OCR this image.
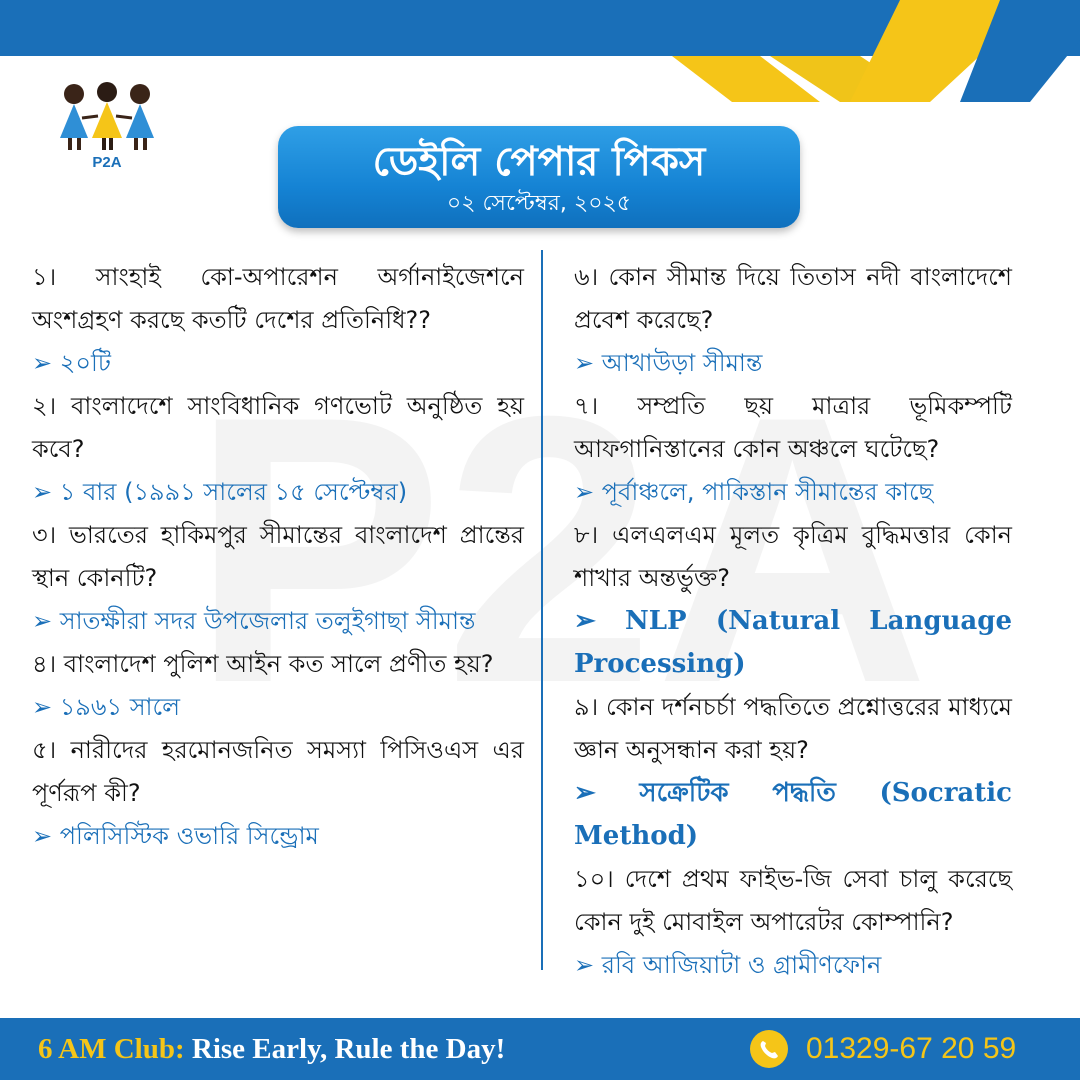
P2A	ডেইলি পেপার পিকস
০২ সেপ্টেম্বর, ২০২৫

১। সাংহাই কো-অপারেশন অর্গানাইজেশনে অংশগ্রহণ করছে কতটি দেশের প্রতিনিধি??

➢ ২০টি

২। বাংলাদেশে সাংবিধানিক গণভোট অনুষ্ঠিত হয় কবে?

➢ ১ বার (১৯৯১ সালের ১৫ সেপ্টেম্বর)

৩। ভারতের হাকিমপুর সীমান্তের বাংলাদেশ প্রান্তের স্থান কোনটি?

➢ সাতক্ষীরা সদর উপজেলার তলুইগাছা সীমান্ত

৪। বাংলাদেশ পুলিশ আইন কত সালে প্রণীত হয়?

➢ ১৯৬১ সালে

৫। নারীদের হরমোনজনিত সমস্যা পিসিওএস এর পূর্ণরূপ কী?

➢ পলিসিস্টিক ওভারি সিন্ড্রোম

৬। কোন সীমান্ত দিয়ে তিতাস নদী বাংলাদেশে প্রবেশ করেছে?

➢ আখাউড়া সীমান্ত

৭। সম্প্রতি ছয় মাত্রার ভূমিকম্পটি আফগানিস্তানের কোন অঞ্চলে ঘটেছে?

➢ পূর্বাঞ্চলে, পাকিস্তান সীমান্তের কাছে

৮। এলএলএম মূলত কৃত্রিম বুদ্ধিমত্তার কোন শাখার অন্তর্ভুক্ত?

➢ NLP (Natural Language

Processing)

৯। কোন দর্শনচর্চা পদ্ধতিতে প্রশ্নোত্তরের মাধ্যমে জ্ঞান অনুসন্ধান করা হয়?

➢ সক্রেটিক পদ্ধতি (Socratic

Method)

১০। দেশে প্রথম ফাইভ-জি সেবা চালু করেছে কোন দুই মোবাইল অপারেটর কোম্পানি?

➢ রবি আজিয়াটা ও গ্রামীণফোন

6 AM Club: Rise Early, Rule the Day!	01329-67 20 59
